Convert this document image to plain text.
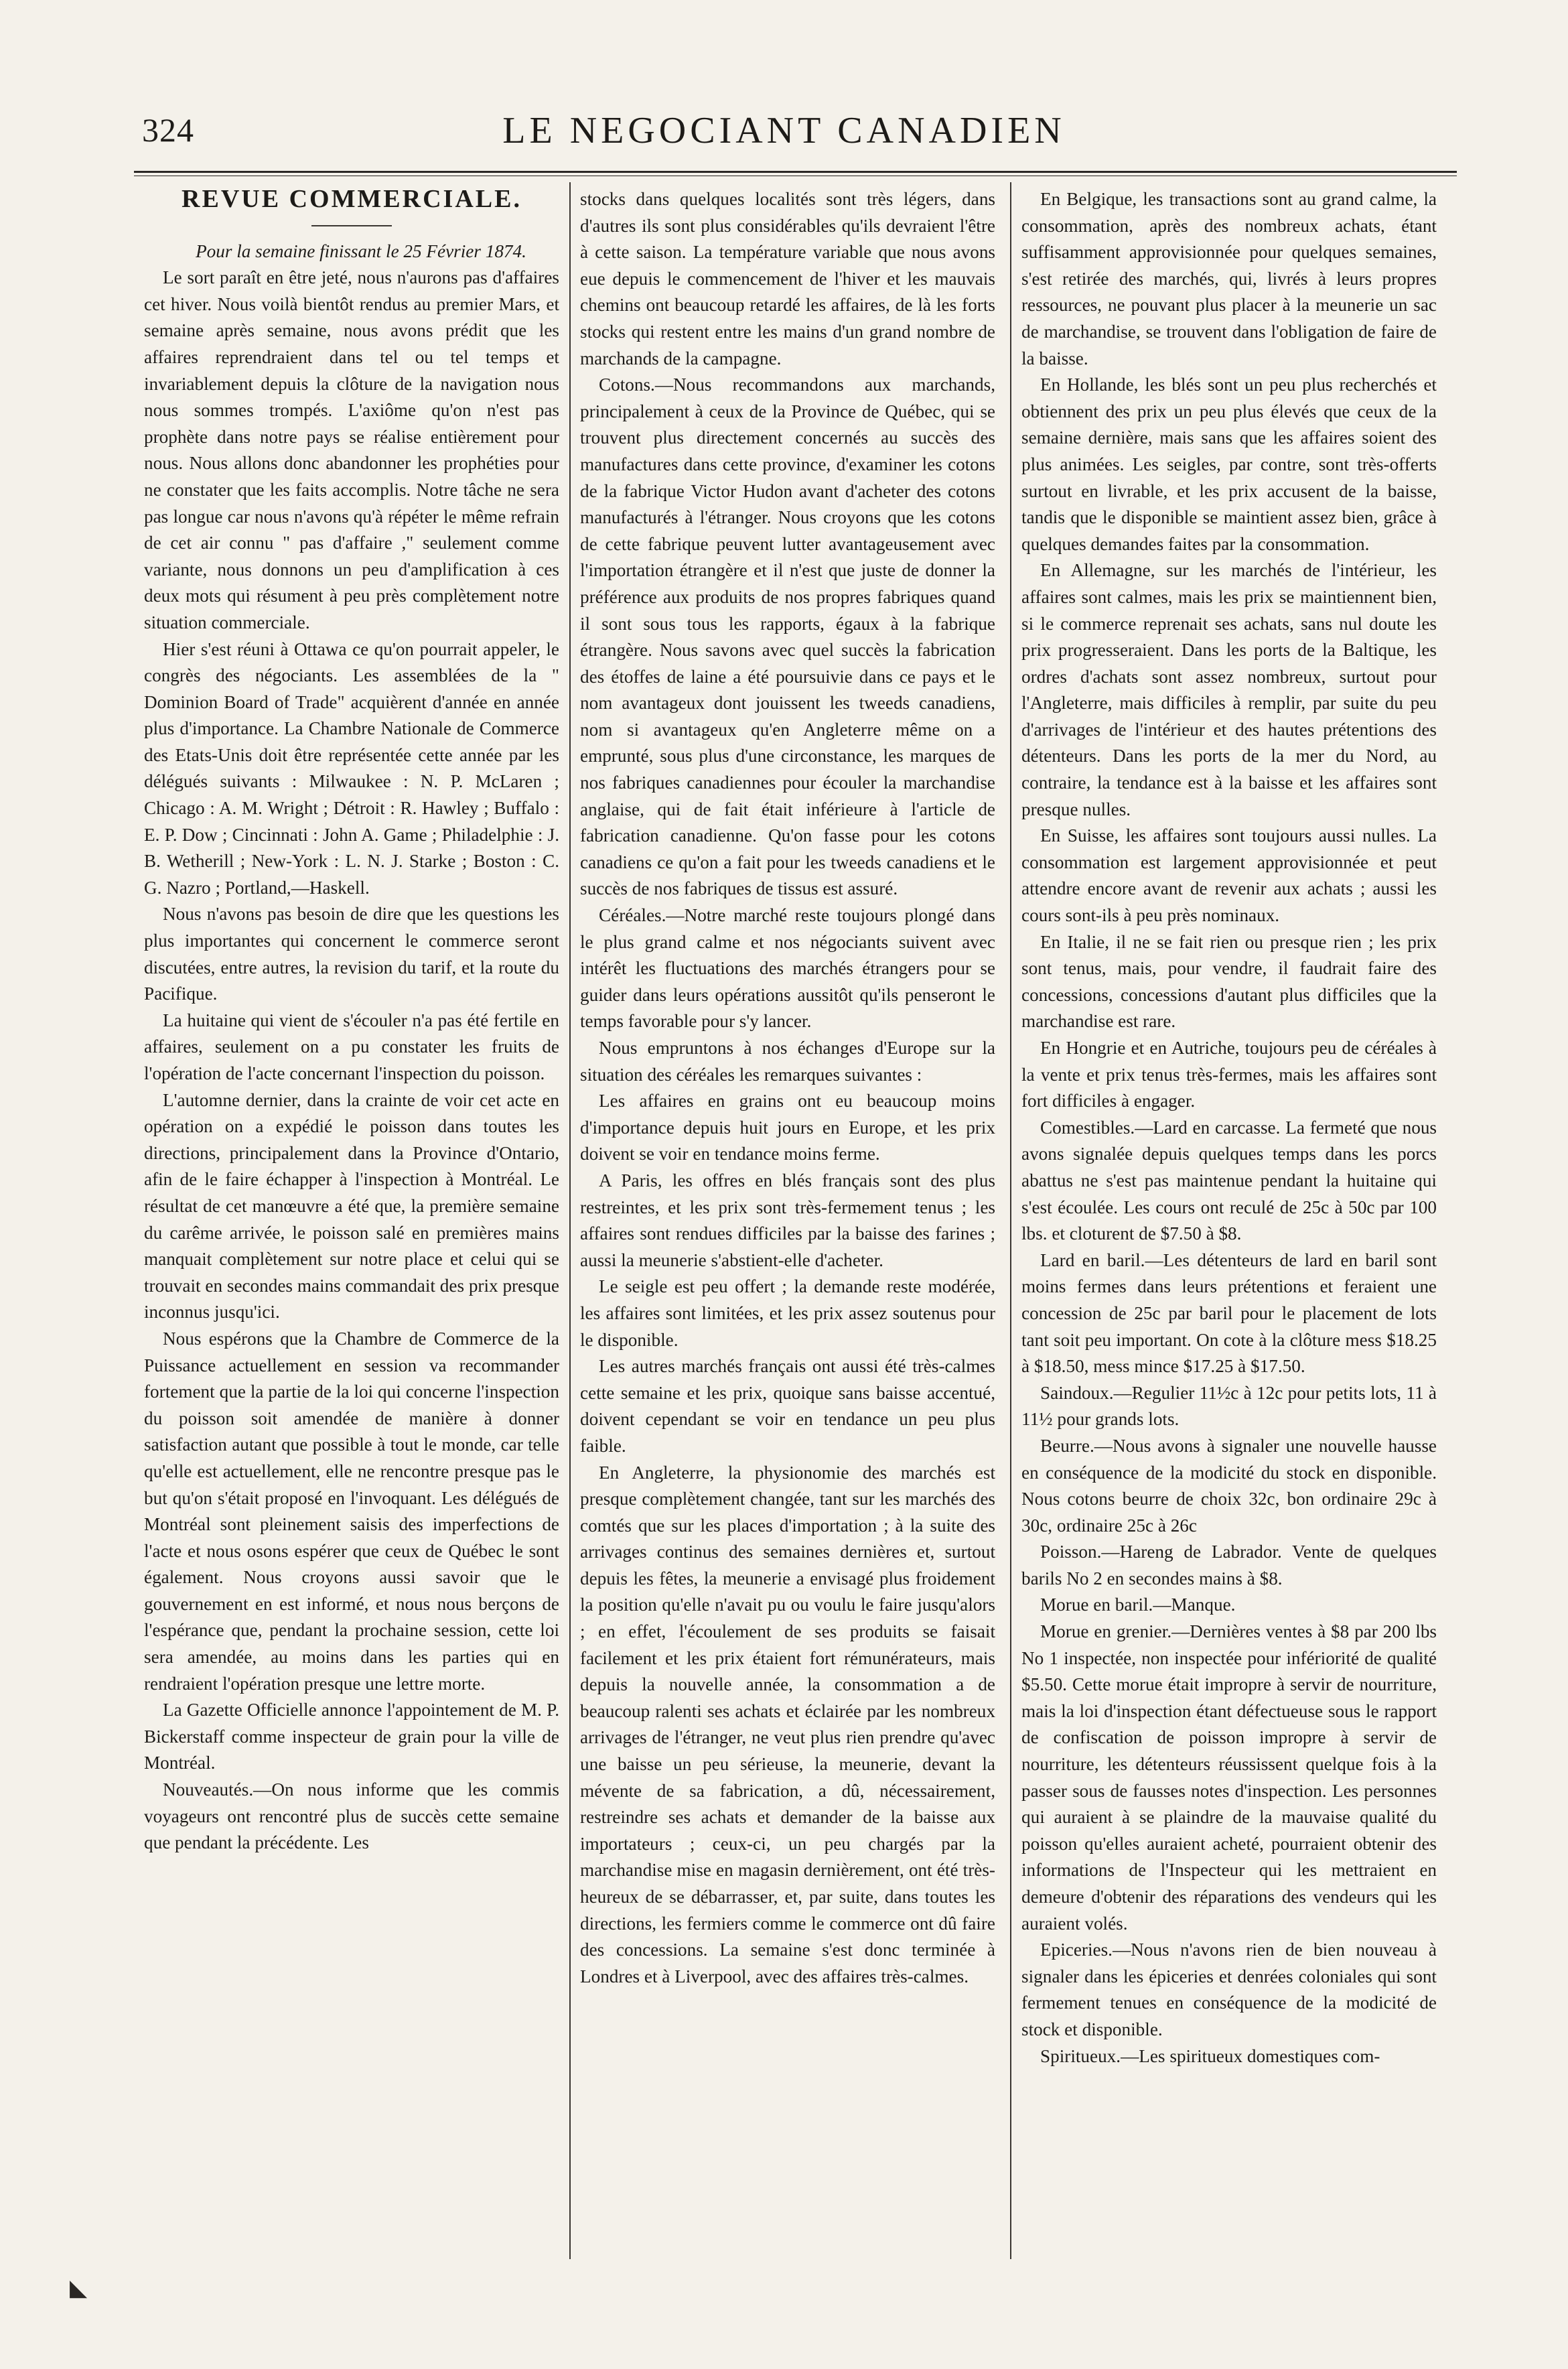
324	LE NEGOCIANT CANADIEN
REVUE COMMERCIALE.

Pour la semaine finissant le 25 Février 1874.

Le sort paraît en être jeté, nous n'aurons pas d'affaires cet hiver. Nous voilà bientôt rendus au premier Mars, et semaine après semaine, nous avons prédit que les affaires reprendraient dans tel ou tel temps et invariablement depuis la clôture de la navigation nous nous sommes trompés. L'axiôme qu'on n'est pas prophète dans notre pays se réalise entièrement pour nous. Nous allons donc abandonner les prophéties pour ne constater que les faits accomplis. Notre tâche ne sera pas longue car nous n'avons qu'à répéter le même refrain de cet air connu " pas d'affaire ," seulement comme variante, nous donnons un peu d'amplification à ces deux mots qui résument à peu près complètement notre situation commerciale.

Hier s'est réuni à Ottawa ce qu'on pourrait appeler, le congrès des négociants. Les assemblées de la " Dominion Board of Trade" acquièrent d'année en année plus d'importance. La Chambre Nationale de Commerce des Etats-Unis doit être représentée cette année par les délégués suivants : Milwaukee : N. P. McLaren ; Chicago : A. M. Wright ; Détroit : R. Hawley ; Buffalo : E. P. Dow ; Cincinnati : John A. Game ; Philadelphie : J. B. Wetherill ; New-York : L. N. J. Starke ; Boston : C. G. Nazro ; Portland,—Haskell.

Nous n'avons pas besoin de dire que les questions les plus importantes qui concernent le commerce seront discutées, entre autres, la revision du tarif, et la route du Pacifique.

La huitaine qui vient de s'écouler n'a pas été fertile en affaires, seulement on a pu constater les fruits de l'opération de l'acte concernant l'inspection du poisson.

L'automne dernier, dans la crainte de voir cet acte en opération on a expédié le poisson dans toutes les directions, principalement dans la Province d'Ontario, afin de le faire échapper à l'inspection à Montréal. Le résultat de cet manœuvre a été que, la première semaine du carême arrivée, le poisson salé en premières mains manquait complètement sur notre place et celui qui se trouvait en secondes mains commandait des prix presque inconnus jusqu'ici.

Nous espérons que la Chambre de Commerce de la Puissance actuellement en session va recommander fortement que la partie de la loi qui concerne l'inspection du poisson soit amendée de manière à donner satisfaction autant que possible à tout le monde, car telle qu'elle est actuellement, elle ne rencontre presque pas le but qu'on s'était proposé en l'invoquant. Les délégués de Montréal sont pleinement saisis des imperfections de l'acte et nous osons espérer que ceux de Québec le sont également. Nous croyons aussi savoir que le gouvernement en est informé, et nous nous berçons de l'espérance que, pendant la prochaine session, cette loi sera amendée, au moins dans les parties qui en rendraient l'opération presque une lettre morte.

La Gazette Officielle annonce l'appointement de M. P. Bickerstaff comme inspecteur de grain pour la ville de Montréal.

Nouveautés.—On nous informe que les commis voyageurs ont rencontré plus de succès cette semaine que pendant la précédente. Les

stocks dans quelques localités sont très légers, dans d'autres ils sont plus considérables qu'ils devraient l'être à cette saison. La température variable que nous avons eue depuis le commencement de l'hiver et les mauvais chemins ont beaucoup retardé les affaires, de là les forts stocks qui restent entre les mains d'un grand nombre de marchands de la campagne.

Cotons.—Nous recommandons aux marchands, principalement à ceux de la Province de Québec, qui se trouvent plus directement concernés au succès des manufactures dans cette province, d'examiner les cotons de la fabrique Victor Hudon avant d'acheter des cotons manufacturés à l'étranger. Nous croyons que les cotons de cette fabrique peuvent lutter avantageusement avec l'importation étrangère et il n'est que juste de donner la préférence aux produits de nos propres fabriques quand il sont sous tous les rapports, égaux à la fabrique étrangère. Nous savons avec quel succès la fabrication des étoffes de laine a été poursuivie dans ce pays et le nom avantageux dont jouissent les tweeds canadiens, nom si avantageux qu'en Angleterre même on a emprunté, sous plus d'une circonstance, les marques de nos fabriques canadiennes pour écouler la marchandise anglaise, qui de fait était inférieure à l'article de fabrication canadienne. Qu'on fasse pour les cotons canadiens ce qu'on a fait pour les tweeds canadiens et le succès de nos fabriques de tissus est assuré.

Céréales.—Notre marché reste toujours plongé dans le plus grand calme et nos négociants suivent avec intérêt les fluctuations des marchés étrangers pour se guider dans leurs opérations aussitôt qu'ils penseront le temps favorable pour s'y lancer.

Nous empruntons à nos échanges d'Europe sur la situation des céréales les remarques suivantes :

Les affaires en grains ont eu beaucoup moins d'importance depuis huit jours en Europe, et les prix doivent se voir en tendance moins ferme.

A Paris, les offres en blés français sont des plus restreintes, et les prix sont très-fermement tenus ; les affaires sont rendues difficiles par la baisse des farines ; aussi la meunerie s'abstient-elle d'acheter.

Le seigle est peu offert ; la demande reste modérée, les affaires sont limitées, et les prix assez soutenus pour le disponible.

Les autres marchés français ont aussi été très-calmes cette semaine et les prix, quoique sans baisse accentué, doivent cependant se voir en tendance un peu plus faible.

En Angleterre, la physionomie des marchés est presque complètement changée, tant sur les marchés des comtés que sur les places d'importation ; à la suite des arrivages continus des semaines dernières et, surtout depuis les fêtes, la meunerie a envisagé plus froidement la position qu'elle n'avait pu ou voulu le faire jusqu'alors ; en effet, l'écoulement de ses produits se faisait facilement et les prix étaient fort rémunérateurs, mais depuis la nouvelle année, la consommation a de beaucoup ralenti ses achats et éclairée par les nombreux arrivages de l'étranger, ne veut plus rien prendre qu'avec une baisse un peu sérieuse, la meunerie, devant la mévente de sa fabrication, a dû, nécessairement, restreindre ses achats et demander de la baisse aux importateurs ; ceux-ci, un peu chargés par la marchandise mise en magasin dernièrement, ont été très-heureux de se débarrasser, et, par suite, dans toutes les directions, les fermiers comme le commerce ont dû faire des concessions. La semaine s'est donc terminée à Londres et à Liverpool, avec des affaires très-calmes.

En Belgique, les transactions sont au grand calme, la consommation, après des nombreux achats, étant suffisamment approvisionnée pour quelques semaines, s'est retirée des marchés, qui, livrés à leurs propres ressources, ne pouvant plus placer à la meunerie un sac de marchandise, se trouvent dans l'obligation de faire de la baisse.

En Hollande, les blés sont un peu plus recherchés et obtiennent des prix un peu plus élevés que ceux de la semaine dernière, mais sans que les affaires soient des plus animées. Les seigles, par contre, sont très-offerts surtout en livrable, et les prix accusent de la baisse, tandis que le disponible se maintient assez bien, grâce à quelques demandes faites par la consommation.

En Allemagne, sur les marchés de l'intérieur, les affaires sont calmes, mais les prix se maintiennent bien, si le commerce reprenait ses achats, sans nul doute les prix progresseraient. Dans les ports de la Baltique, les ordres d'achats sont assez nombreux, surtout pour l'Angleterre, mais difficiles à remplir, par suite du peu d'arrivages de l'intérieur et des hautes prétentions des détenteurs. Dans les ports de la mer du Nord, au contraire, la tendance est à la baisse et les affaires sont presque nulles.

En Suisse, les affaires sont toujours aussi nulles. La consommation est largement approvisionnée et peut attendre encore avant de revenir aux achats ; aussi les cours sont-ils à peu près nominaux.

En Italie, il ne se fait rien ou presque rien ; les prix sont tenus, mais, pour vendre, il faudrait faire des concessions, concessions d'autant plus difficiles que la marchandise est rare.

En Hongrie et en Autriche, toujours peu de céréales à la vente et prix tenus très-fermes, mais les affaires sont fort difficiles à engager.

Comestibles.—Lard en carcasse. La fermeté que nous avons signalée depuis quelques temps dans les porcs abattus ne s'est pas maintenue pendant la huitaine qui s'est écoulée. Les cours ont reculé de 25c à 50c par 100 lbs. et cloturent de $7.50 à $8.

Lard en baril.—Les détenteurs de lard en baril sont moins fermes dans leurs prétentions et feraient une concession de 25c par baril pour le placement de lots tant soit peu important. On cote à la clôture mess $18.25 à $18.50, mess mince $17.25 à $17.50.

Saindoux.—Regulier 11½c à 12c pour petits lots, 11 à 11½ pour grands lots.

Beurre.—Nous avons à signaler une nouvelle hausse en conséquence de la modicité du stock en disponible. Nous cotons beurre de choix 32c, bon ordinaire 29c à 30c, ordinaire 25c à 26c

Poisson.—Hareng de Labrador. Vente de quelques barils No 2 en secondes mains à $8.

Morue en baril.—Manque.

Morue en grenier.—Dernières ventes à $8 par 200 lbs No 1 inspectée, non inspectée pour infériorité de qualité $5.50. Cette morue était impropre à servir de nourriture, mais la loi d'inspection étant défectueuse sous le rapport de confiscation de poisson impropre à servir de nourriture, les détenteurs réussissent quelque fois à la passer sous de fausses notes d'inspection. Les personnes qui auraient à se plaindre de la mauvaise qualité du poisson qu'elles auraient acheté, pourraient obtenir des informations de l'Inspecteur qui les mettraient en demeure d'obtenir des réparations des vendeurs qui les auraient volés.

Epiceries.—Nous n'avons rien de bien nouveau à signaler dans les épiceries et denrées coloniales qui sont fermement tenues en conséquence de la modicité de stock et disponible.

Spiritueux.—Les spiritueux domestiques com-

◣
